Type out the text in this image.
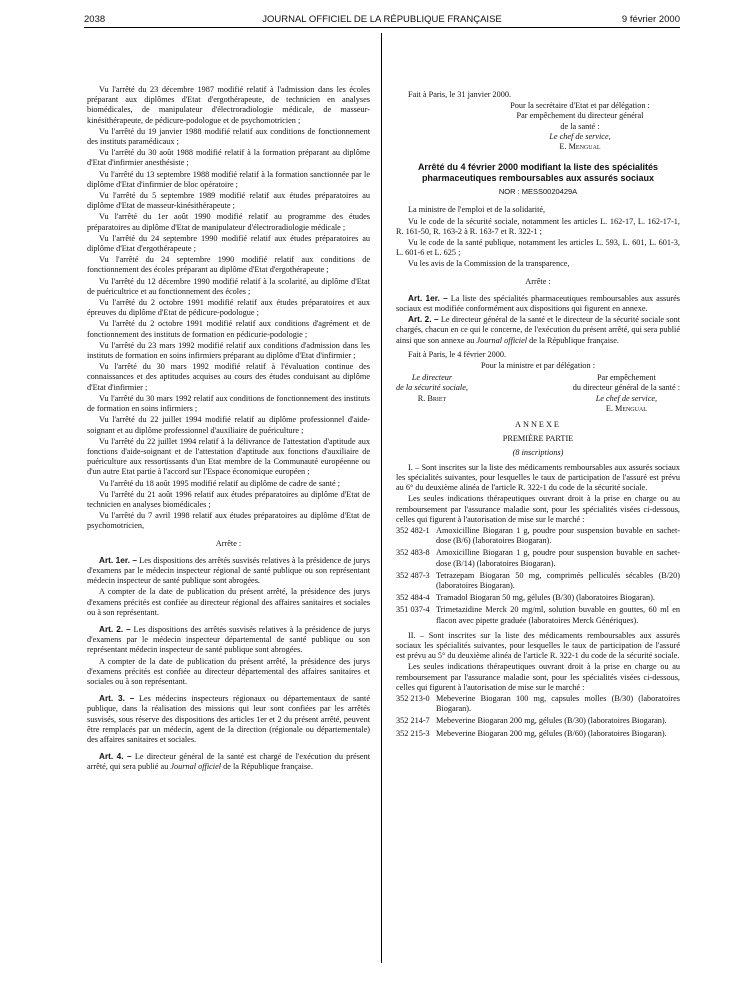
2038	JOURNAL OFFICIEL DE LA RÉPUBLIQUE FRANÇAISE	9 février 2000

Vu l'arrêté du 23 décembre 1987 modifié relatif à l'admission dans les écoles préparant aux diplômes d'Etat d'ergothérapeute, de technicien en analyses biomédicales, de manipulateur d'électroradiologie médicale, de masseur-kinésithérapeute, de pédicure-podologue et de psychomotricien ;

Vu l'arrêté du 19 janvier 1988 modifié relatif aux conditions de fonctionnement des instituts paramédicaux ;

Vu l'arrêté du 30 août 1988 modifié relatif à la formation préparant au diplôme d'Etat d'infirmier anesthésiste ;

Vu l'arrêté du 13 septembre 1988 modifié relatif à la formation sanctionnée par le diplôme d'Etat d'infirmier de bloc opératoire ;

Vu l'arrêté du 5 septembre 1989 modifié relatif aux études préparatoires au diplôme d'Etat de masseur-kinésithérapeute ;

Vu l'arrêté du 1er août 1990 modifié relatif au programme des études préparatoires au diplôme d'Etat de manipulateur d'électroradiologie médicale ;

Vu l'arrêté du 24 septembre 1990 modifié relatif aux études préparatoires au diplôme d'Etat d'ergothérapeute ;

Vu l'arrêté du 24 septembre 1990 modifié relatif aux conditions de fonctionnement des écoles préparant au diplôme d'Etat d'ergothérapeute ;

Vu l'arrêté du 12 décembre 1990 modifié relatif à la scolarité, au diplôme d'Etat de puéricultrice et au fonctionnement des écoles ;

Vu l'arrêté du 2 octobre 1991 modifié relatif aux études préparatoires et aux épreuves du diplôme d'Etat de pédicure-podologue ;

Vu l'arrêté du 2 octobre 1991 modifié relatif aux conditions d'agrément et de fonctionnement des instituts de formation en pédicurie-podologie ;

Vu l'arrêté du 23 mars 1992 modifié relatif aux conditions d'admission dans les instituts de formation en soins infirmiers préparant au diplôme d'Etat d'infirmier ;

Vu l'arrêté du 30 mars 1992 modifié relatif à l'évaluation continue des connaissances et des aptitudes acquises au cours des études conduisant au diplôme d'Etat d'infirmier ;

Vu l'arrêté du 30 mars 1992 relatif aux conditions de fonctionnement des instituts de formation en soins infirmiers ;

Vu l'arrêté du 22 juillet 1994 modifié relatif au diplôme professionnel d'aide-soignant et au diplôme professionnel d'auxiliaire de puériculture ;

Vu l'arrêté du 22 juillet 1994 relatif à la délivrance de l'attestation d'aptitude aux fonctions d'aide-soignant et de l'attestation d'aptitude aux fonctions d'auxiliaire de puériculture aux ressortissants d'un Etat membre de la Communauté européenne ou d'un autre Etat partie à l'accord sur l'Espace économique européen ;

Vu l'arrêté du 18 août 1995 modifié relatif au diplôme de cadre de santé ;

Vu l'arrêté du 21 août 1996 relatif aux études préparatoires au diplôme d'Etat de technicien en analyses biomédicales ;

Vu l'arrêté du 7 avril 1998 relatif aux études préparatoires au diplôme d'Etat de psychomotricien,

Arrête :

Art. 1er. – Les dispositions des arrêtés susvisés relatives à la présidence de jurys d'examens par le médecin inspecteur régional de santé publique ou son représentant médecin inspecteur de santé publique sont abrogées.

A compter de la date de publication du présent arrêté, la présidence des jurys d'examens précités est confiée au directeur régional des affaires sanitaires et sociales ou à son représentant.

Art. 2. – Les dispositions des arrêtés susvisés relatives à la présidence de jurys d'examens par le médecin inspecteur départemental de santé publique ou son représentant médecin inspecteur de santé publique sont abrogées.

A compter de la date de publication du présent arrêté, la présidence des jurys d'examens précités est confiée au directeur départemental des affaires sanitaires et sociales ou à son représentant.

Art. 3. – Les médecins inspecteurs régionaux ou départementaux de santé publique, dans la réalisation des missions qui leur sont confiées par les arrêtés susvisés, sous réserve des dispositions des articles 1er et 2 du présent arrêté, peuvent être remplacés par un médecin, agent de la direction (régionale ou départementale) des affaires sanitaires et sociales.

Art. 4. – Le directeur général de la santé est chargé de l'exécution du présent arrêté, qui sera publié au Journal officiel de la République française.

Fait à Paris, le 31 janvier 2000.

Pour la secrétaire d'Etat et par délégation :
Par empêchement du directeur général
de la santé :
Le chef de service,
E. Mengual

Arrêté du 4 février 2000 modifiant la liste des spécialités pharmaceutiques remboursables aux assurés sociaux

NOR : MESS0020429A

La ministre de l'emploi et de la solidarité,

Vu le code de la sécurité sociale, notamment les articles L. 162-17, L. 162-17-1, R. 161-50, R. 163-2 à R. 163-7 et R. 322-1 ;

Vu le code de la santé publique, notamment les articles L. 593, L. 601, L. 601-3, L. 601-6 et L. 625 ;

Vu les avis de la Commission de la transparence,

Arrête :

Art. 1er. – La liste des spécialités pharmaceutiques remboursables aux assurés sociaux est modifiée conformément aux dispositions qui figurent en annexe.

Art. 2. – Le directeur général de la santé et le directeur de la sécurité sociale sont chargés, chacun en ce qui le concerne, de l'exécution du présent arrêté, qui sera publié ainsi que son annexe au Journal officiel de la République française.

Fait à Paris, le 4 février 2000.

Pour la ministre et par délégation :

Le directeur
de la sécurité sociale,
R. Briet
Par empêchement
du directeur général de la santé :
Le chef de service,
E. Mengual

ANNEXE

PREMIÈRE PARTIE

(8 inscriptions)

I. – Sont inscrites sur la liste des médicaments remboursables aux assurés sociaux les spécialités suivantes, pour lesquelles le taux de participation de l'assuré est prévu au 6° du deuxième alinéa de l'article R. 322-1 du code de la sécurité sociale.

Les seules indications thérapeutiques ouvrant droit à la prise en charge ou au remboursement par l'assurance maladie sont, pour les spécialités visées ci-dessous, celles qui figurent à l'autorisation de mise sur le marché :

352 482-1 Amoxicilline Biogaran 1 g, poudre pour suspension buvable en sachet-dose (B/6) (laboratoires Biogaran).
352 483-8 Amoxicilline Biogaran 1 g, poudre pour suspension buvable en sachet-dose (B/14) (laboratoires Biogaran).
352 487-3 Tetrazepam Biogaran 50 mg, comprimés pelliculés sécables (B/20) (laboratoires Biogaran).
352 484-4 Tramadol Biogaran 50 mg, gélules (B/30) (laboratoires Biogaran).
351 037-4 Trimetazidine Merck 20 mg/ml, solution buvable en gouttes, 60 ml en flacon avec pipette graduée (laboratoires Merck Génériques).

II. – Sont inscrites sur la liste des médicaments remboursables aux assurés sociaux les spécialités suivantes, pour lesquelles le taux de participation de l'assuré est prévu au 5° du deuxième alinéa de l'article R. 322-1 du code de la sécurité sociale.

Les seules indications thérapeutiques ouvrant droit à la prise en charge ou au remboursement par l'assurance maladie sont, pour les spécialités visées ci-dessous, celles qui figurent à l'autorisation de mise sur le marché :

352 213-0 Mebeverine Biogaran 100 mg, capsules molles (B/30) (laboratoires Biogaran).
352 214-7 Mebeverine Biogaran 200 mg, gélules (B/30) (laboratoires Biogaran).
352 215-3 Mebeverine Biogaran 200 mg, gélules (B/60) (laboratoires Biogaran).
